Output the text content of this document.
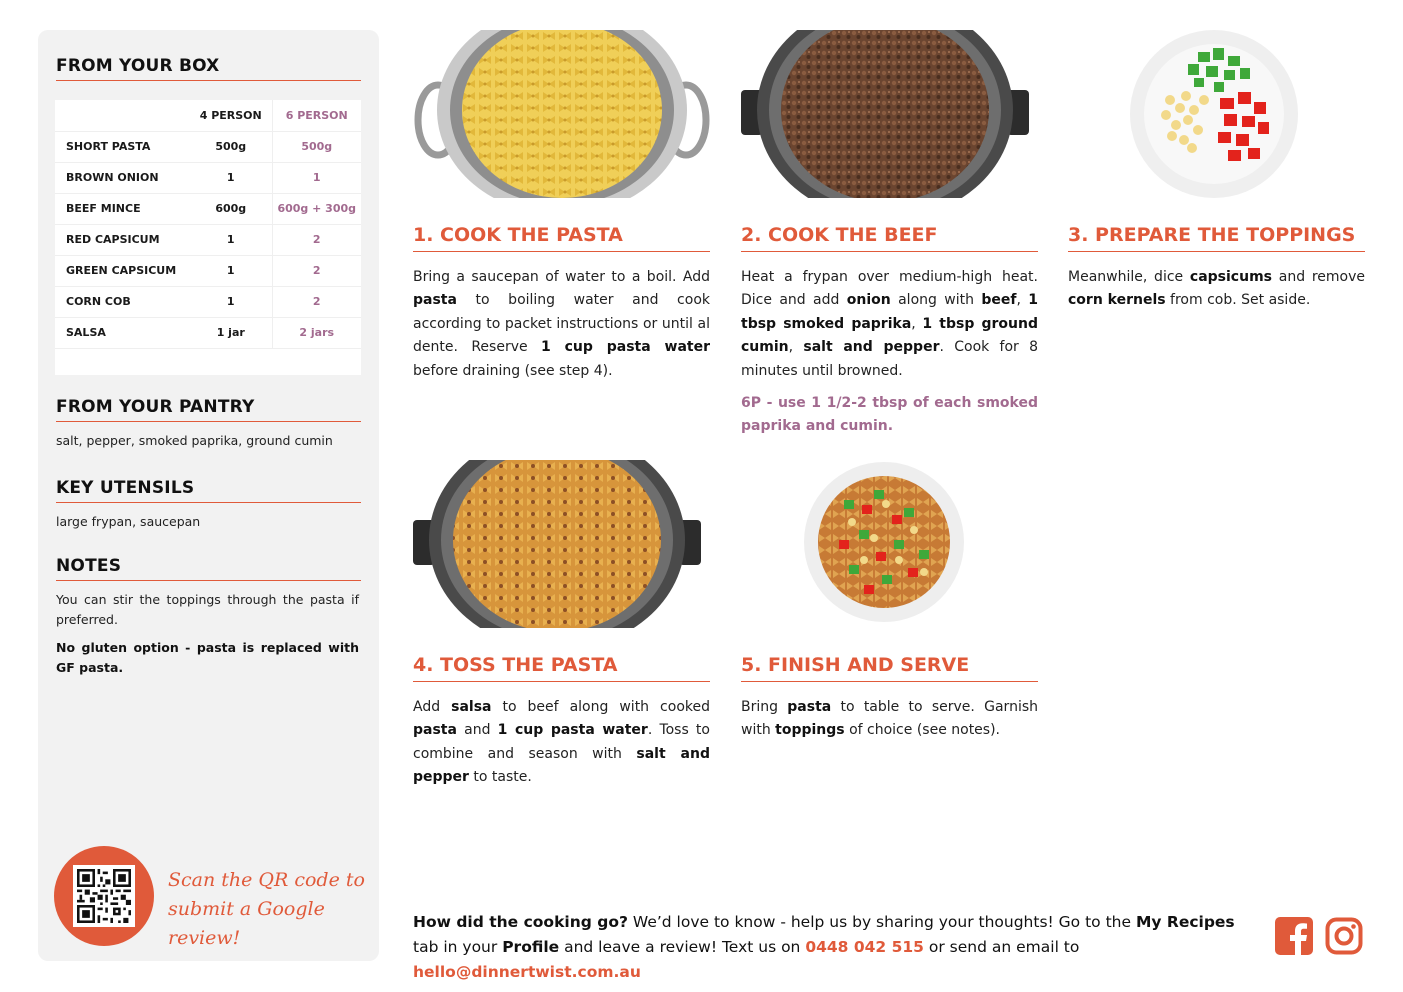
FROM YOUR BOX
	4 PERSON	6 PERSON
SHORT PASTA	500g	500g
BROWN ONION	1	1
BEEF MINCE	600g	600g + 300g
RED CAPSICUM	1	2
GREEN CAPSICUM	1	2
CORN COB	1	2
SALSA	1 jar	2 jars
FROM YOUR PANTRY
salt, pepper, smoked paprika, ground cumin
KEY UTENSILS
large frypan, saucepan
NOTES
You can stir the toppings through the pasta if preferred.
No gluten option - pasta is replaced with GF pasta.
Scan the QR code to
submit a Google review!
1. COOK THE PASTA
Bring a saucepan of water to a boil. Add pasta to boiling water and cook according to packet instructions or until al dente. Reserve 1 cup pasta water before draining (see step 4).
2. COOK THE BEEF
Heat a frypan over medium-high heat. Dice and add onion along with beef, 1 tbsp smoked paprika, 1 tbsp ground cumin, salt and pepper. Cook for 8 minutes until browned.
6P - use 1 1/2-2 tbsp of each smoked paprika and cumin.
3. PREPARE THE TOPPINGS
Meanwhile, dice capsicums and remove corn kernels from cob. Set aside.
4. TOSS THE PASTA
Add salsa to beef along with cooked pasta and 1 cup pasta water. Toss to combine and season with salt and pepper to taste.
5. FINISH AND SERVE
Bring pasta to table to serve. Garnish with toppings of choice (see notes).
How did the cooking go? We’d love to know - help us by sharing your thoughts! Go to the My Recipes tab in your Profile and leave a review! Text us on 0448 042 515 or send an email to hello@dinnertwist.com.au
